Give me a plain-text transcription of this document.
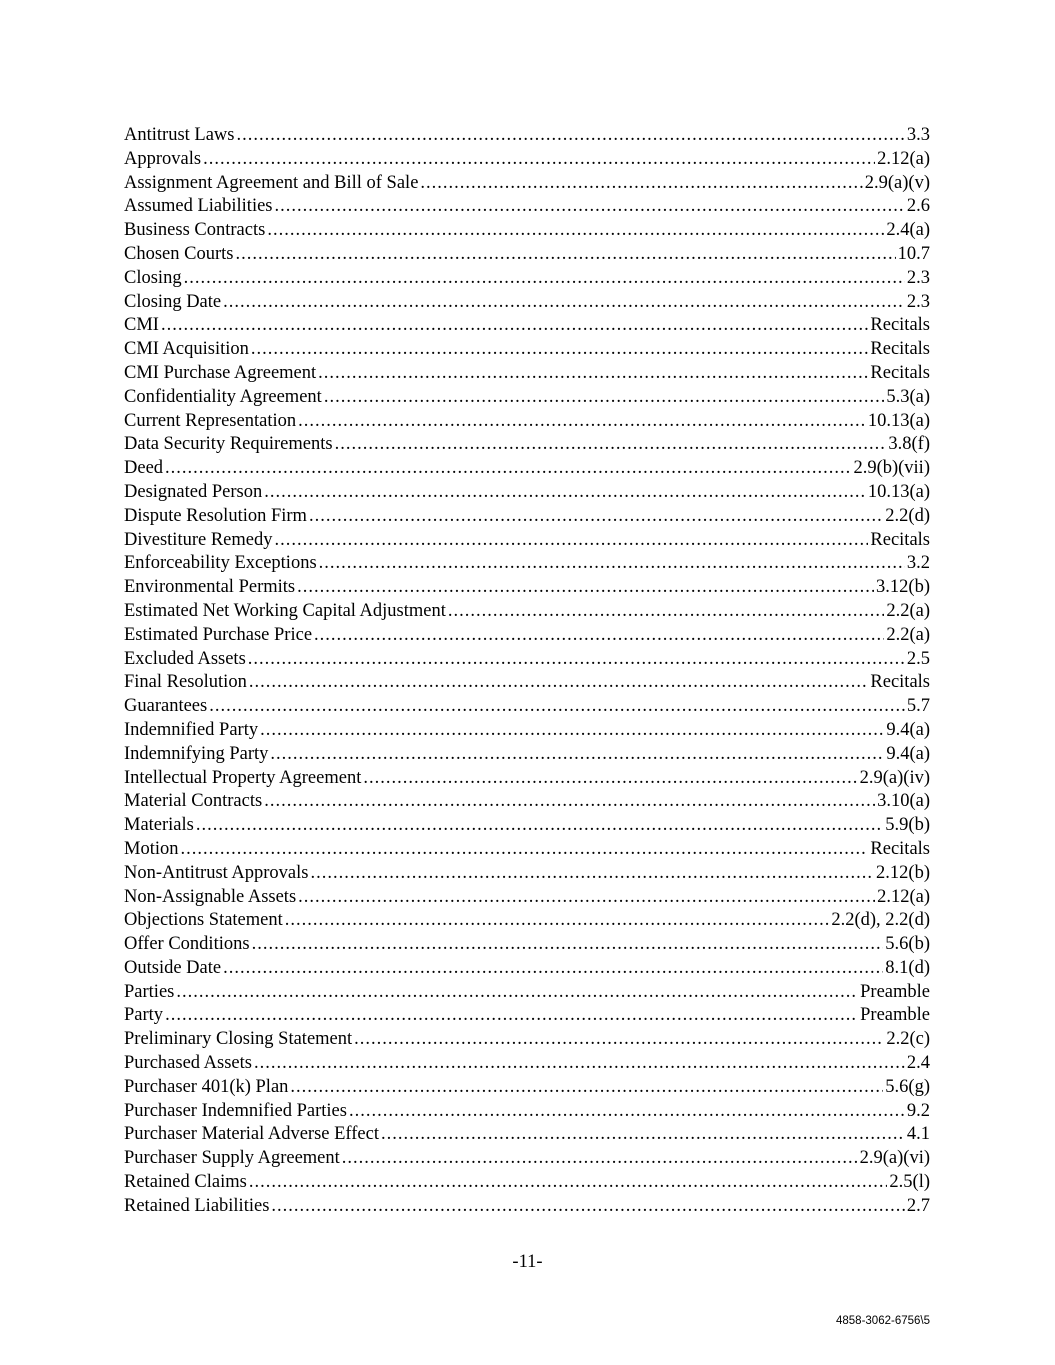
Antitrust Laws .....	3.3
Approvals .....	2.12(a)
Assignment Agreement and Bill of Sale .....	2.9(a)(v)
Assumed Liabilities .....	2.6
Business Contracts .....	2.4(a)
Chosen Courts .....	10.7
Closing .....	2.3
Closing Date .....	2.3
CMI .....	Recitals
CMI Acquisition .....	Recitals
CMI Purchase Agreement .....	Recitals
Confidentiality Agreement .....	5.3(a)
Current Representation .....	10.13(a)
Data Security Requirements .....	3.8(f)
Deed .....	2.9(b)(vii)
Designated Person .....	10.13(a)
Dispute Resolution Firm .....	2.2(d)
Divestiture Remedy .....	Recitals
Enforceability Exceptions .....	3.2
Environmental Permits .....	3.12(b)
Estimated Net Working Capital Adjustment .....	2.2(a)
Estimated Purchase Price .....	2.2(a)
Excluded Assets .....	2.5
Final Resolution .....	Recitals
Guarantees .....	5.7
Indemnified Party .....	9.4(a)
Indemnifying Party .....	9.4(a)
Intellectual Property Agreement .....	2.9(a)(iv)
Material Contracts .....	3.10(a)
Materials .....	5.9(b)
Motion .....	Recitals
Non-Antitrust Approvals .....	2.12(b)
Non-Assignable Assets .....	2.12(a)
Objections Statement .....	2.2(d), 2.2(d)
Offer Conditions .....	5.6(b)
Outside Date .....	8.1(d)
Parties .....	Preamble
Party .....	Preamble
Preliminary Closing Statement .....	2.2(c)
Purchased Assets .....	2.4
Purchaser 401(k) Plan .....	5.6(g)
Purchaser Indemnified Parties .....	9.2
Purchaser Material Adverse Effect .....	4.1
Purchaser Supply Agreement .....	2.9(a)(vi)
Retained Claims .....	2.5(l)
Retained Liabilities .....	2.7
-11-
4858-3062-6756\5
